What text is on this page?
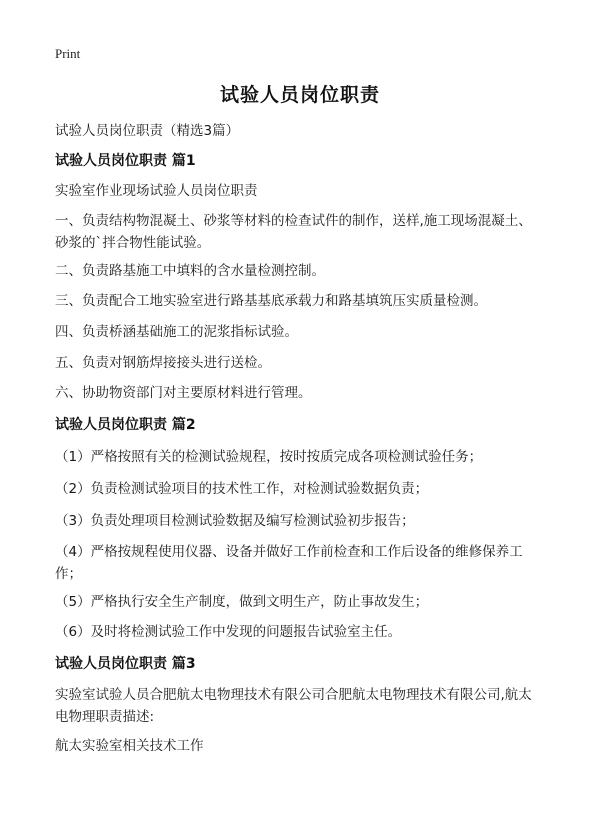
Print
试验人员岗位职责
试验人员岗位职责（精选3篇）
试验人员岗位职责 篇1
实验室作业现场试验人员岗位职责
一、负责结构物混凝土、砂浆等材料的检查试件的制作，送样,施工现场混凝土、砂浆的`拌合物性能试验。
二、负责路基施工中填料的含水量检测控制。
三、负责配合工地实验室进行路基基底承载力和路基填筑压实质量检测。
四、负责桥涵基础施工的泥浆指标试验。
五、负责对钢筋焊接接头进行送检。
六、协助物资部门对主要原材料进行管理。
试验人员岗位职责 篇2
（1）严格按照有关的检测试验规程，按时按质完成各项检测试验任务；
（2）负责检测试验项目的技术性工作，对检测试验数据负责；
（3）负责处理项目检测试验数据及编写检测试验初步报告；
（4）严格按规程使用仪器、设备并做好工作前检查和工作后设备的维修保养工作；
（5）严格执行安全生产制度，做到文明生产，防止事故发生；
（6）及时将检测试验工作中发现的问题报告试验室主任。
试验人员岗位职责 篇3
实验室试验人员合肥航太电物理技术有限公司合肥航太电物理技术有限公司,航太电物理职责描述:
航太实验室相关技术工作
